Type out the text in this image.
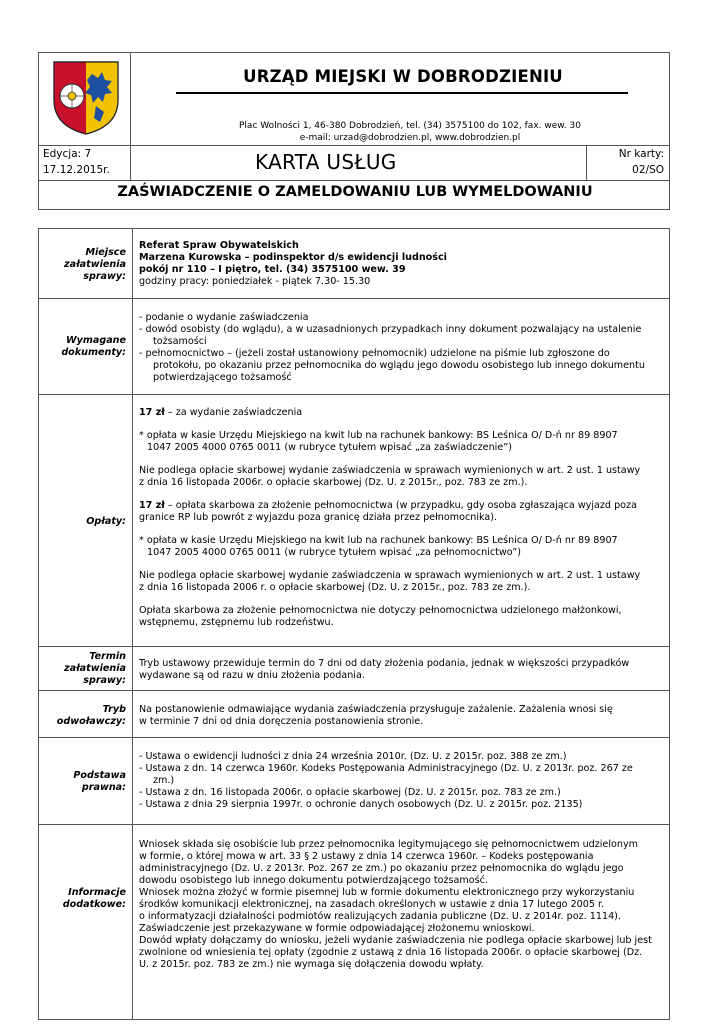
URZĄD MIEJSKI W DOBRODZIENIU
Plac Wolności 1, 46-380 Dobrodzień, tel. (34) 3575100 do 102, fax. wew. 30
e-mail: urzad@dobrodzien.pl, www.dobrodzien.pl
Edycja: 7
17.12.2015r.	KARTA USŁUG	Nr karty:
02/SO
ZAŚWIADCZENIE O ZAMELDOWANIU LUB WYMELDOWANIU
Miejsce
załatwienia
sprawy:

Referat Spraw Obywatelskich

Marzena Kurowska – podinspektor d/s ewidencji ludności

pokój nr 110 – I piętro, tel. (34) 3575100 wew. 39

godziny pracy: poniedziałek - piątek 7.30- 15.30

Wymagane
dokumenty:

- podanie o wydanie zaświadczenia

- dowód osobisty (do wglądu), a w uzasadnionych przypadkach inny dokument pozwalający na ustalenie

tożsamości

- pełnomocnictwo – (jeżeli został ustanowiony pełnomocnik) udzielone na piśmie lub zgłoszone do

protokołu, po okazaniu przez pełnomocnika do wglądu jego dowodu osobistego lub innego dokumentu

potwierdzającego tożsamość

Opłaty:

17 zł – za wydanie zaświadczenia

* opłata w kasie Urzędu Miejskiego na kwit lub na rachunek bankowy: BS Leśnica O/ D-ń nr 89 8907

1047 2005 4000 0765 0011 (w rubryce tytułem wpisać „za zaświadczenie”)

Nie podlega opłacie skarbowej wydanie zaświadczenia w sprawach wymienionych w art. 2 ust. 1 ustawy

z dnia 16 listopada 2006r. o opłacie skarbowej (Dz. U. z 2015r., poz. 783 ze zm.).

17 zł – opłata skarbowa za złożenie pełnomocnictwa (w przypadku, gdy osoba zgłaszająca wyjazd poza

granice RP lub powrót z wyjazdu poza granicę działa przez pełnomocnika).

* opłata w kasie Urzędu Miejskiego na kwit lub na rachunek bankowy: BS Leśnica O/ D-ń nr 89 8907

1047 2005 4000 0765 0011 (w rubryce tytułem wpisać „za pełnomocnictwo”)

Nie podlega opłacie skarbowej wydanie zaświadczenia w sprawach wymienionych w art. 2 ust. 1 ustawy

z dnia 16 listopada 2006 r. o opłacie skarbowej (Dz. U. z 2015r., poz. 783 ze zm.).

Opłata skarbowa za złożenie pełnomocnictwa nie dotyczy pełnomocnictwa udzielonego małżonkowi,

wstępnemu, zstępnemu lub rodzeństwu.

Termin
załatwienia
sprawy:

Tryb ustawowy przewiduje termin do 7 dni od daty złożenia podania, jednak w większości przypadków

wydawane są od razu w dniu złożenia podania.

Tryb
odwoławczy:

Na postanowienie odmawiające wydania zaświadczenia przysługuje zażalenie. Zażalenia wnosi się

w terminie 7 dni od dnia doręczenia postanowienia stronie.

Podstawa
prawna:

- Ustawa o ewidencji ludności z dnia 24 września 2010r. (Dz. U. z 2015r. poz. 388 ze zm.)

- Ustawa z dn. 14 czerwca 1960r. Kodeks Postępowania Administracyjnego (Dz. U. z 2013r. poz. 267 ze

zm.)

- Ustawa z dn. 16 listopada 2006r. o opłacie skarbowej (Dz. U. z 2015r. poz. 783 ze zm.)

- Ustawa z dnia 29 sierpnia 1997r. o ochronie danych osobowych (Dz. U. z 2015r. poz. 2135)

Informacje
dodatkowe:

Wniosek składa się osobiście lub przez pełnomocnika legitymującego się pełnomocnictwem udzielonym

w formie, o której mowa w art. 33 § 2 ustawy z dnia 14 czerwca 1960r. – Kodeks postępowania

administracyjnego (Dz. U. z 2013r. Poz. 267 ze zm.) po okazaniu przez pełnomocnika do wglądu jego

dowodu osobistego lub innego dokumentu potwierdzającego tożsamość.

Wniosek można złożyć w formie pisemnej lub w formie dokumentu elektronicznego przy wykorzystaniu

środków komunikacji elektronicznej, na zasadach określonych w ustawie z dnia 17 lutego 2005 r.

o informatyzacji działalności podmiotów realizujących zadania publiczne (Dz. U. z 2014r. poz. 1114).

Zaświadczenie jest przekazywane w formie odpowiadającej złożonemu wnioskowi.

Dowód wpłaty dołączamy do wniosku, jeżeli wydanie zaświadczenia nie podlega opłacie skarbowej lub jest

zwolnione od wniesienia tej opłaty (zgodnie z ustawą z dnia 16 listopada 2006r. o opłacie skarbowej (Dz.

U. z 2015r. poz. 783 ze zm.) nie wymaga się dołączenia dowodu wpłaty.
